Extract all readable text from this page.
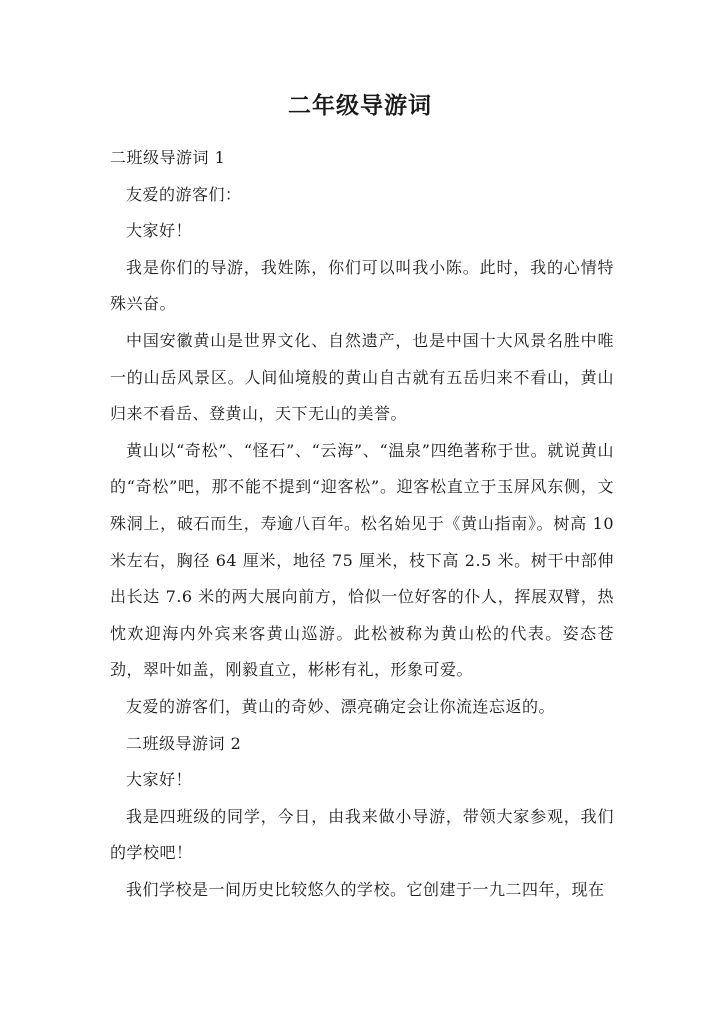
二年级导游词

二班级导游词 1

友爱的游客们：

大家好！

我是你们的导游，我姓陈，你们可以叫我小陈。此时，我的心情特殊兴奋。

中国安徽黄山是世界文化、自然遗产，也是中国十大风景名胜中唯一的山岳风景区。人间仙境般的黄山自古就有五岳归来不看山，黄山归来不看岳、登黄山，天下无山的美誉。

黄山以“奇松”、“怪石”、“云海”、“温泉”四绝著称于世。就说黄山的“奇松”吧，那不能不提到“迎客松”。迎客松直立于玉屏风东侧，文殊洞上，破石而生，寿逾八百年。松名始见于《黄山指南》。树高 10 米左右，胸径 64 厘米，地径 75 厘米，枝下高 2.5 米。树干中部伸出长达 7.6 米的两大展向前方，恰似一位好客的仆人，挥展双臂，热忱欢迎海内外宾来客黄山巡游。此松被称为黄山松的代表。姿态苍劲，翠叶如盖，刚毅直立，彬彬有礼，形象可爱。

友爱的游客们，黄山的奇妙、漂亮确定会让你流连忘返的。

二班级导游词 2

大家好！

我是四班级的同学，今日，由我来做小导游，带领大家参观，我们的学校吧！

我们学校是一间历史比较悠久的学校。它创建于一九二四年，现在
